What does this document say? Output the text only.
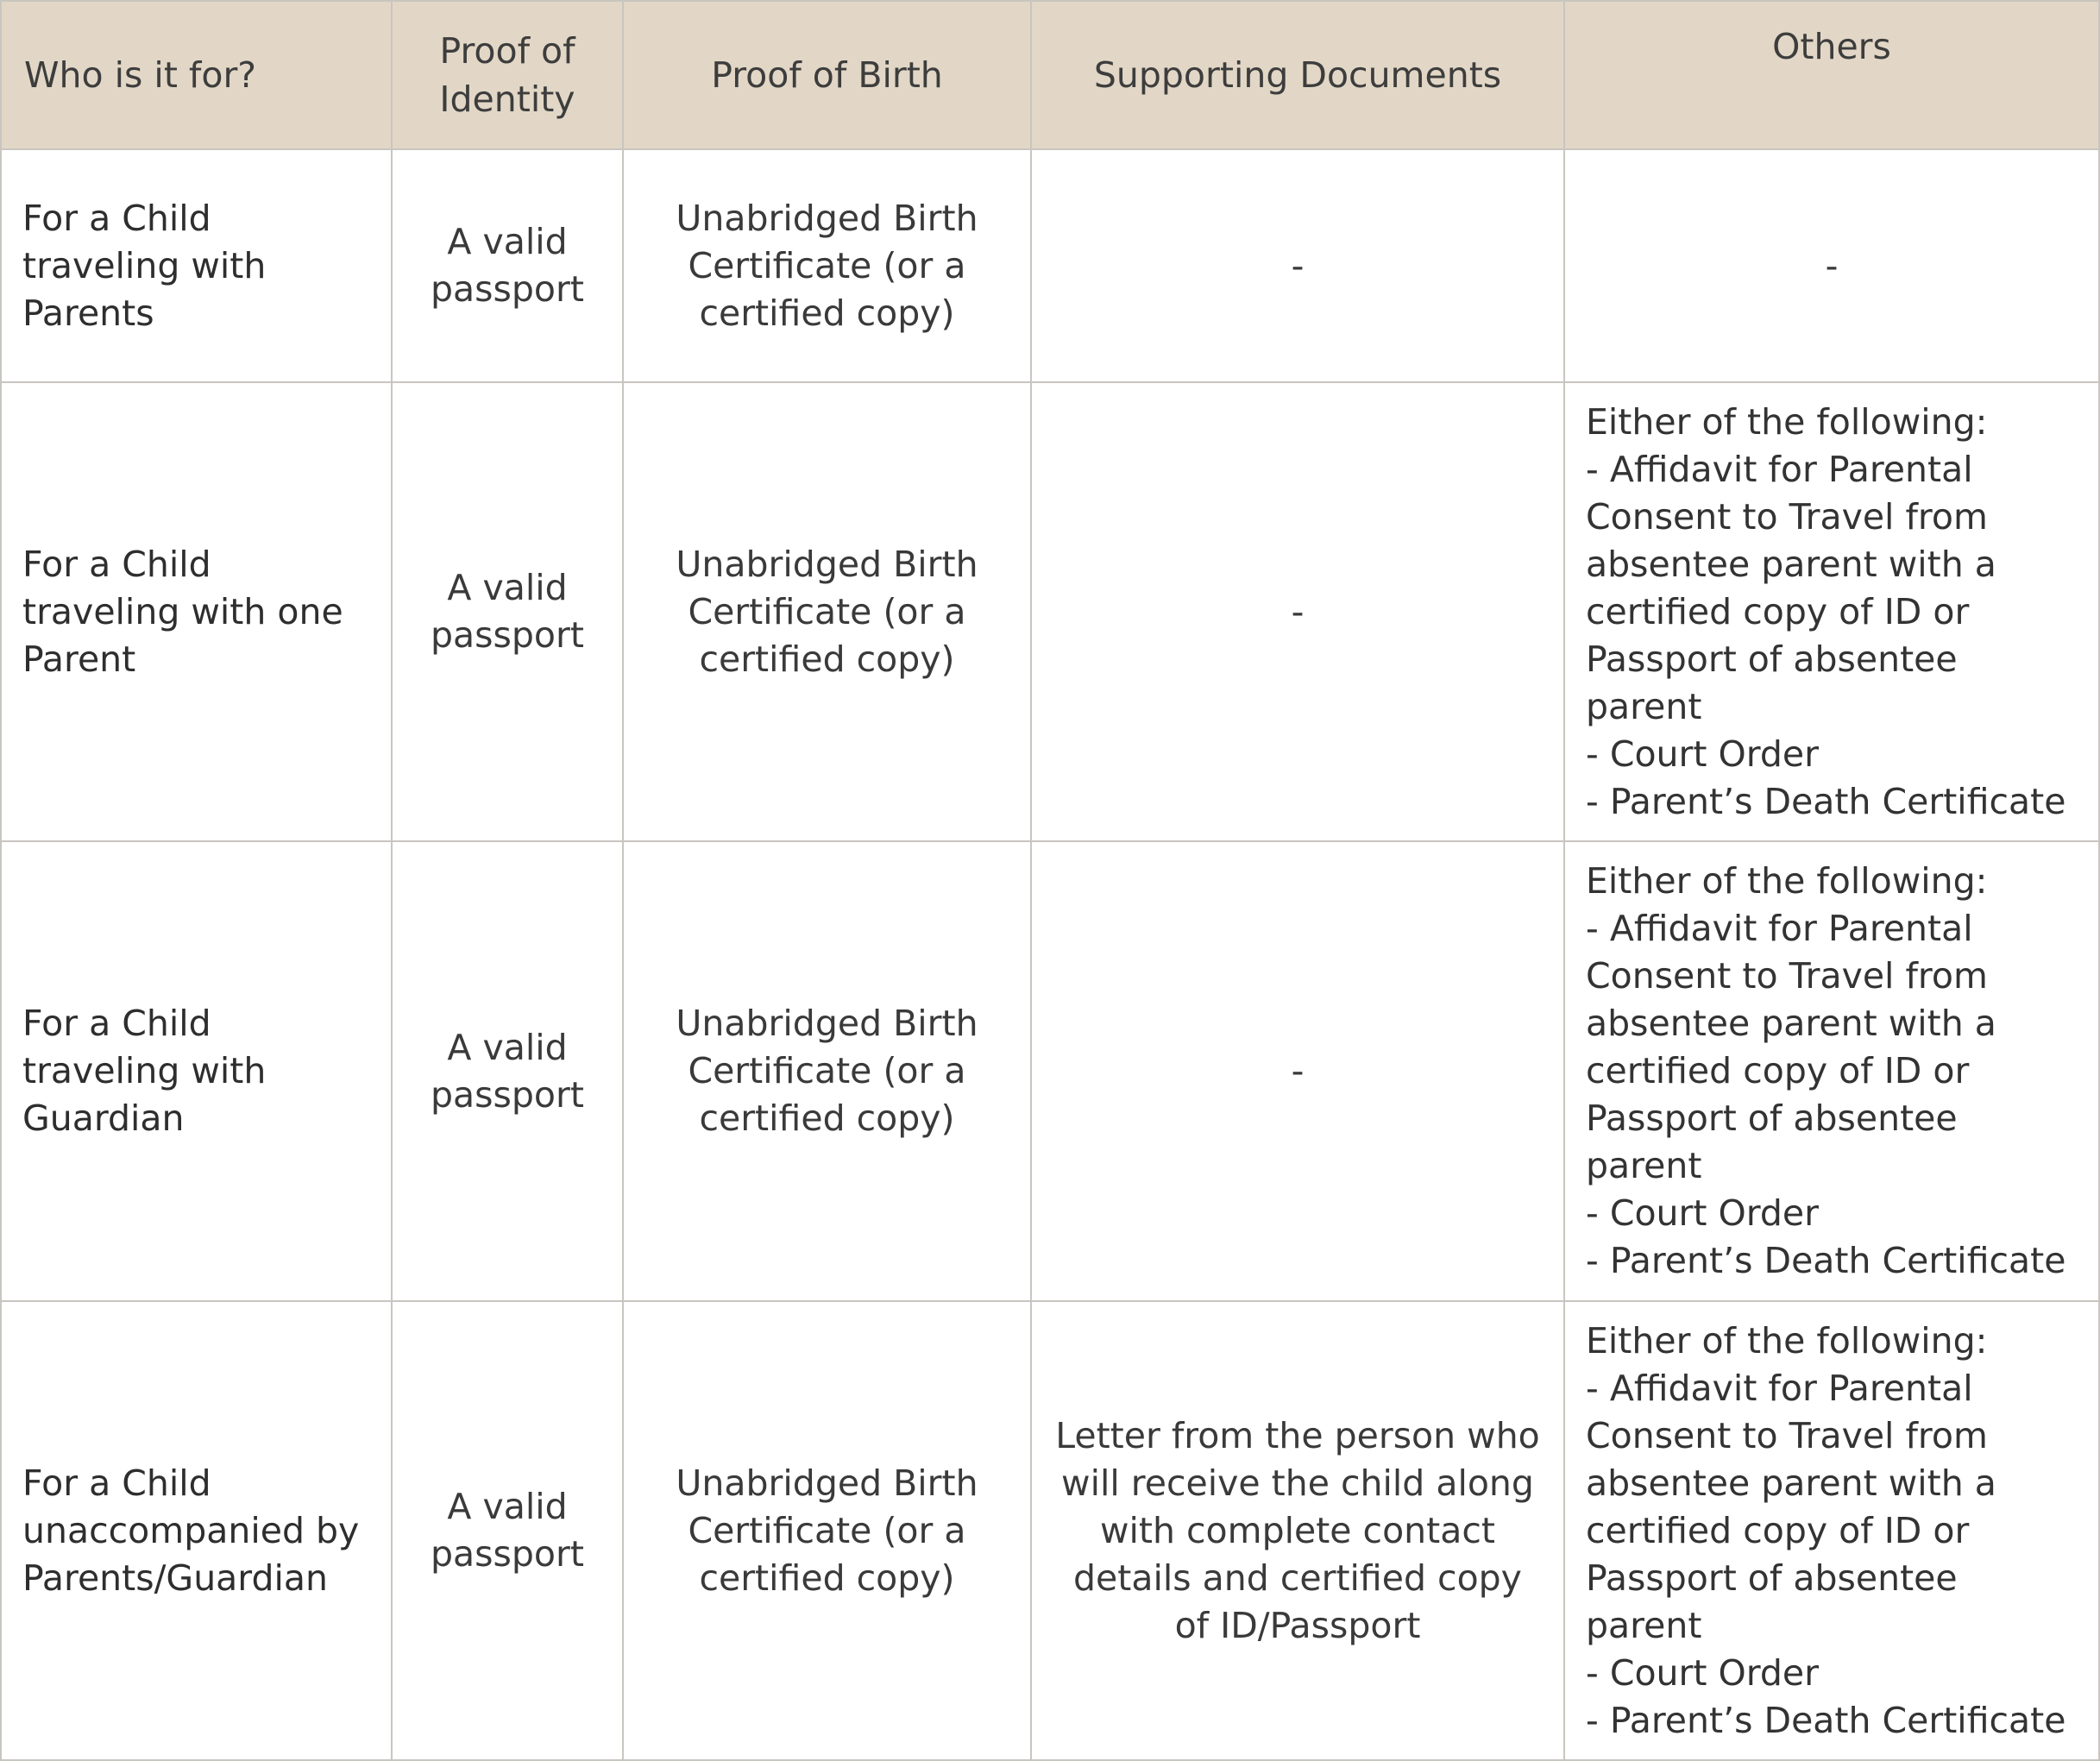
Who is it for?	Proof of Identity	Proof of Birth	Supporting Documents	Others
For a Child traveling with Parents	A valid passport	Unabridged Birth Certificate (or a certified copy)	-	-
For a Child traveling with one Parent	A valid passport	Unabridged Birth Certificate (or a certified copy)	-	Either of the following:
- Affidavit for Parental Consent to Travel from absentee parent with a certified copy of ID or Passport of absentee parent
- Court Order
- Parent’s Death Certificate

For a Child traveling with Guardian	A valid passport	Unabridged Birth Certificate (or a certified copy)	-	Either of the following:
- Affidavit for Parental Consent to Travel from absentee parent with a certified copy of ID or Passport of absentee parent
- Court Order
- Parent’s Death Certificate

For a Child unaccompanied by Parents/Guardian	A valid passport	Unabridged Birth Certificate (or a certified copy)	Letter from the person who will receive the child along with complete contact details and certified copy of ID/Passport	Either of the following:
- Affidavit for Parental Consent to Travel from absentee parent with a certified copy of ID or Passport of absentee parent
- Court Order
- Parent’s Death Certificate
